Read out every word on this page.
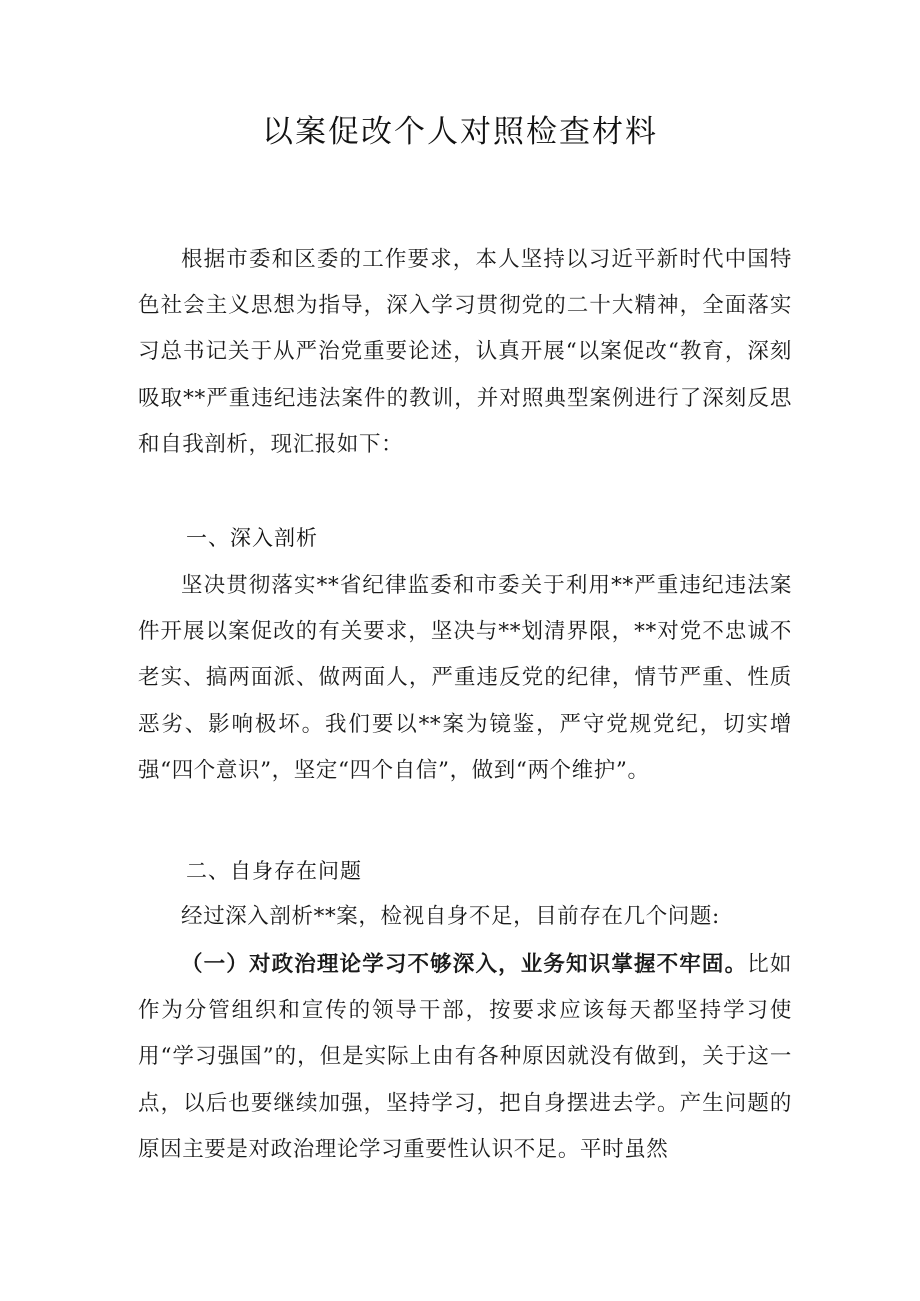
以案促改个人对照检查材料

根据市委和区委的工作要求，本人坚持以习近平新时代中国特色社会主义思想为指导，深入学习贯彻党的二十大精神，全面落实习总书记关于从严治党重要论述，认真开展“以案促改“教育，深刻吸取**严重违纪违法案件的教训，并对照典型案例进行了深刻反思和自我剖析，现汇报如下：

一、深入剖析

坚决贯彻落实**省纪律监委和市委关于利用**严重违纪违法案件开展以案促改的有关要求，坚决与**划清界限，**对党不忠诚不老实、搞两面派、做两面人，严重违反党的纪律，情节严重、性质恶劣、影响极坏。我们要以**案为镜鉴，严守党规党纪，切实增强“四个意识”，坚定“四个自信”，做到“两个维护”。

二、自身存在问题

经过深入剖析**案，检视自身不足，目前存在几个问题:

（一）对政治理论学习不够深入，业务知识掌握不牢固。比如作为分管组织和宣传的领导干部，按要求应该每天都坚持学习使用“学习强国”的，但是实际上由有各种原因就没有做到，关于这一点，以后也要继续加强，坚持学习，把自身摆进去学。产生问题的原因主要是对政治理论学习重要性认识不足。平时虽然
